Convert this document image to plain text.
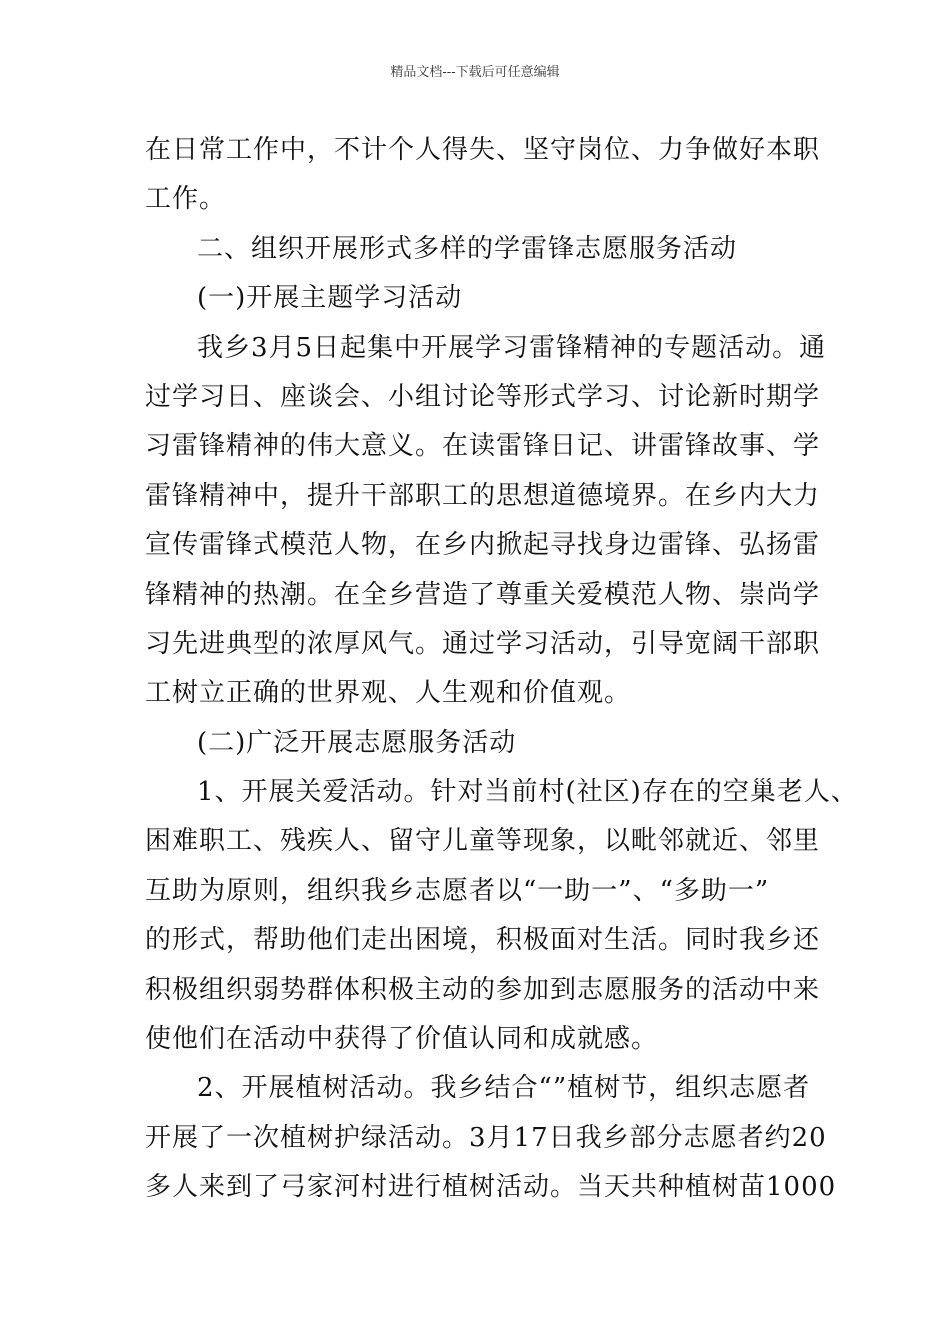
精品文档---下载后可任意编辑
在日常工作中，不计个人得失、坚守岗位、力争做好本职
工作。
二、组织开展形式多样的学雷锋志愿服务活动
(一)开展主题学习活动
我乡3月5日起集中开展学习雷锋精神的专题活动。通
过学习日、座谈会、小组讨论等形式学习、讨论新时期学
习雷锋精神的伟大意义。在读雷锋日记、讲雷锋故事、学
雷锋精神中，提升干部职工的思想道德境界。在乡内大力
宣传雷锋式模范人物，在乡内掀起寻找身边雷锋、弘扬雷
锋精神的热潮。在全乡营造了尊重关爱模范人物、崇尚学
习先进典型的浓厚风气。通过学习活动，引导宽阔干部职
工树立正确的世界观、人生观和价值观。
(二)广泛开展志愿服务活动
1、开展关爱活动。针对当前村(社区)存在的空巢老人、
困难职工、残疾人、留守儿童等现象，以毗邻就近、邻里
互助为原则，组织我乡志愿者以“一助一”、“多助一”
的形式，帮助他们走出困境，积极面对生活。同时我乡还
积极组织弱势群体积极主动的参加到志愿服务的活动中来
使他们在活动中获得了价值认同和成就感。
2、开展植树活动。我乡结合“”植树节，组织志愿者
开展了一次植树护绿活动。3月17日我乡部分志愿者约20
多人来到了弓家河村进行植树活动。当天共种植树苗1000
